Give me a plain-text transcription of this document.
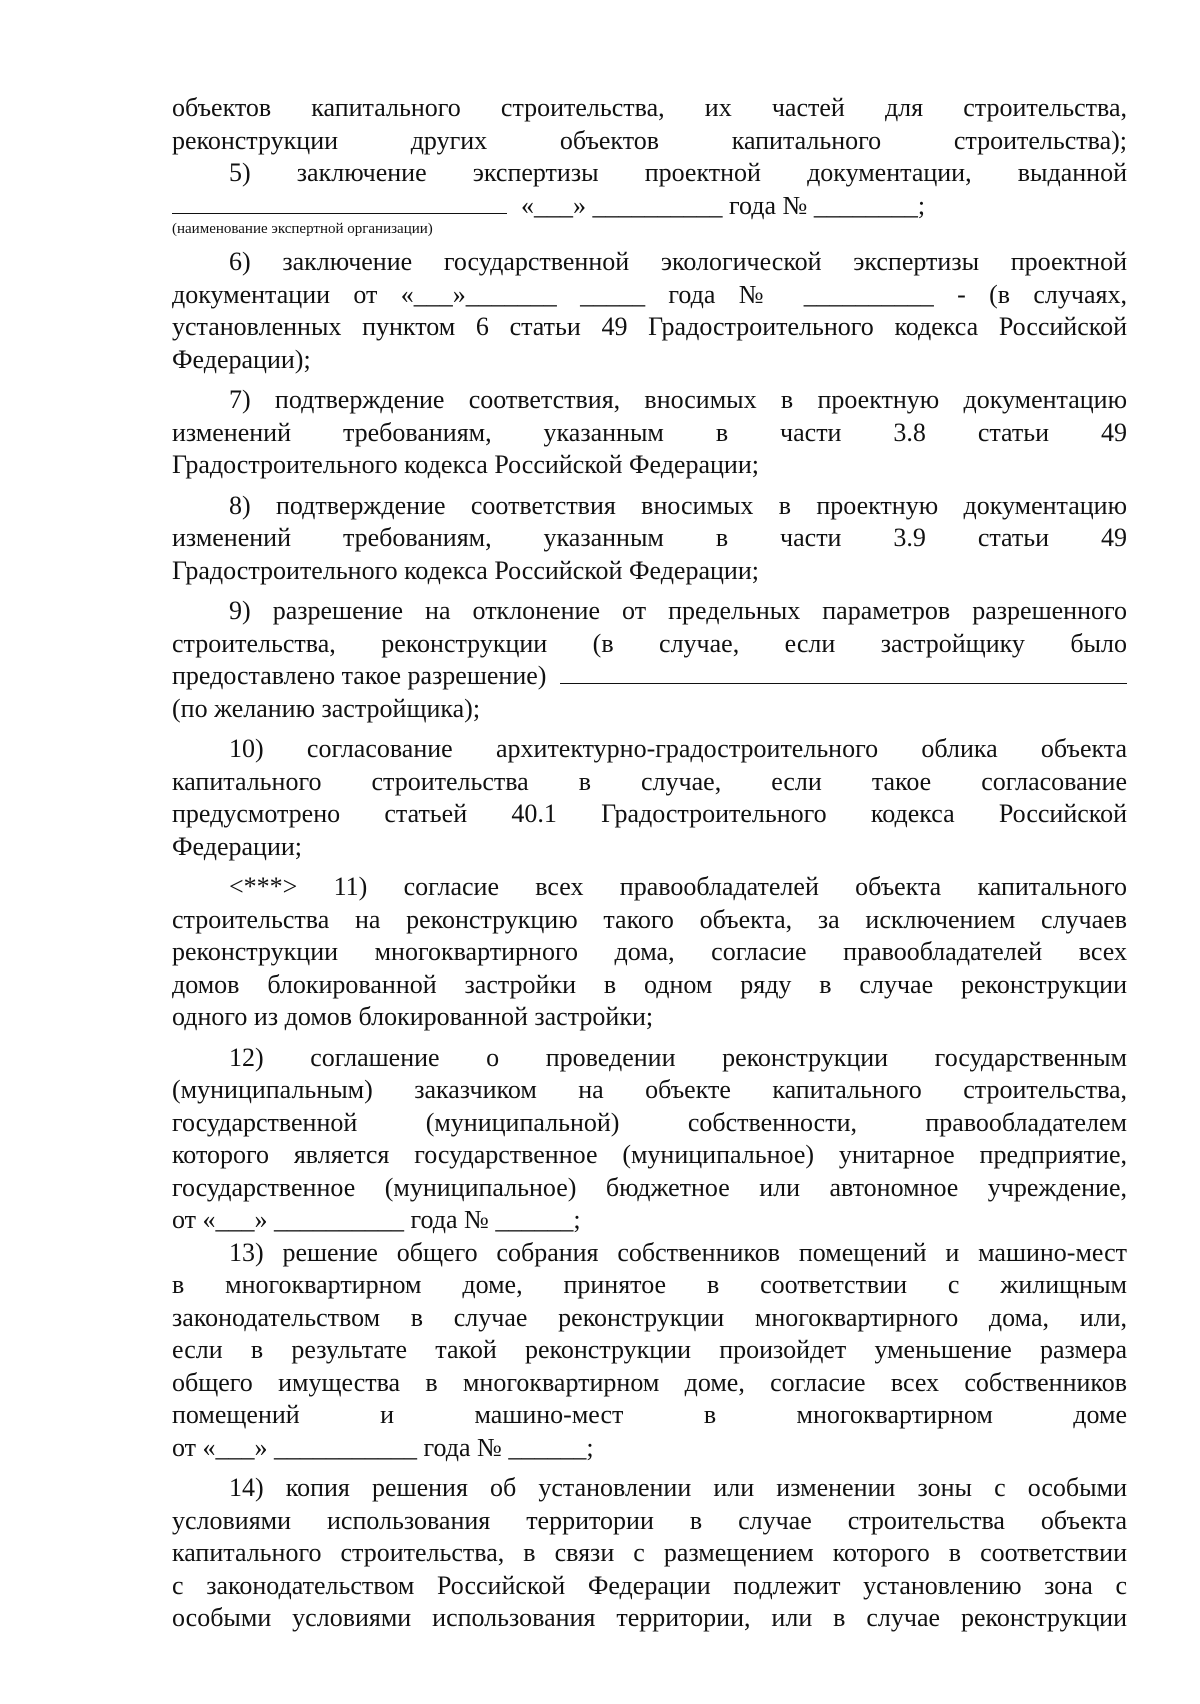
объектов капитального строительства, их частей для строительства,
реконструкции других объектов капитального строительства);
5) заключение экспертизы проектной документации, выданной
«___» __________ года № ________;
(наименование экспертной организации)
6) заключение государственной экологической экспертизы проектной
документации от «___»_______ _____ года № __________ - (в случаях,
установленных пунктом 6 статьи 49 Градостроительного кодекса Российской
Федерации);
7) подтверждение соответствия, вносимых в проектную документацию
изменений требованиям, указанным в части 3.8 статьи 49
Градостроительного кодекса Российской Федерации;
8) подтверждение соответствия вносимых в проектную документацию
изменений требованиям, указанным в части 3.9 статьи 49
Градостроительного кодекса Российской Федерации;
9) разрешение на отклонение от предельных параметров разрешенного
строительства, реконструкции (в случае, если застройщику было
предоставлено такое разрешение)
(по желанию застройщика);
10) согласование архитектурно-градостроительного облика объекта
капитального строительства в случае, если такое согласование
предусмотрено статьей 40.1 Градостроительного кодекса Российской
Федерации;
<***> 11) согласие всех правообладателей объекта капитального
строительства на реконструкцию такого объекта, за исключением случаев
реконструкции многоквартирного дома, согласие правообладателей всех
домов блокированной застройки в одном ряду в случае реконструкции
одного из домов блокированной застройки;
12) соглашение о проведении реконструкции государственным
(муниципальным) заказчиком на объекте капитального строительства,
государственной (муниципальной) собственности, правообладателем
которого является государственное (муниципальное) унитарное предприятие,
государственное (муниципальное) бюджетное или автономное учреждение,
от «___» __________ года № ______;
13) решение общего собрания собственников помещений и машино-мест
в многоквартирном доме, принятое в соответствии с жилищным
законодательством в случае реконструкции многоквартирного дома, или,
если в результате такой реконструкции произойдет уменьшение размера
общего имущества в многоквартирном доме, согласие всех собственников
помещений и машино-мест в многоквартирном доме
от «___» ___________ года № ______;
14) копия решения об установлении или изменении зоны с особыми
условиями использования территории в случае строительства объекта
капитального строительства, в связи с размещением которого в соответствии
с законодательством Российской Федерации подлежит установлению зона с
особыми условиями использования территории, или в случае реконструкции
